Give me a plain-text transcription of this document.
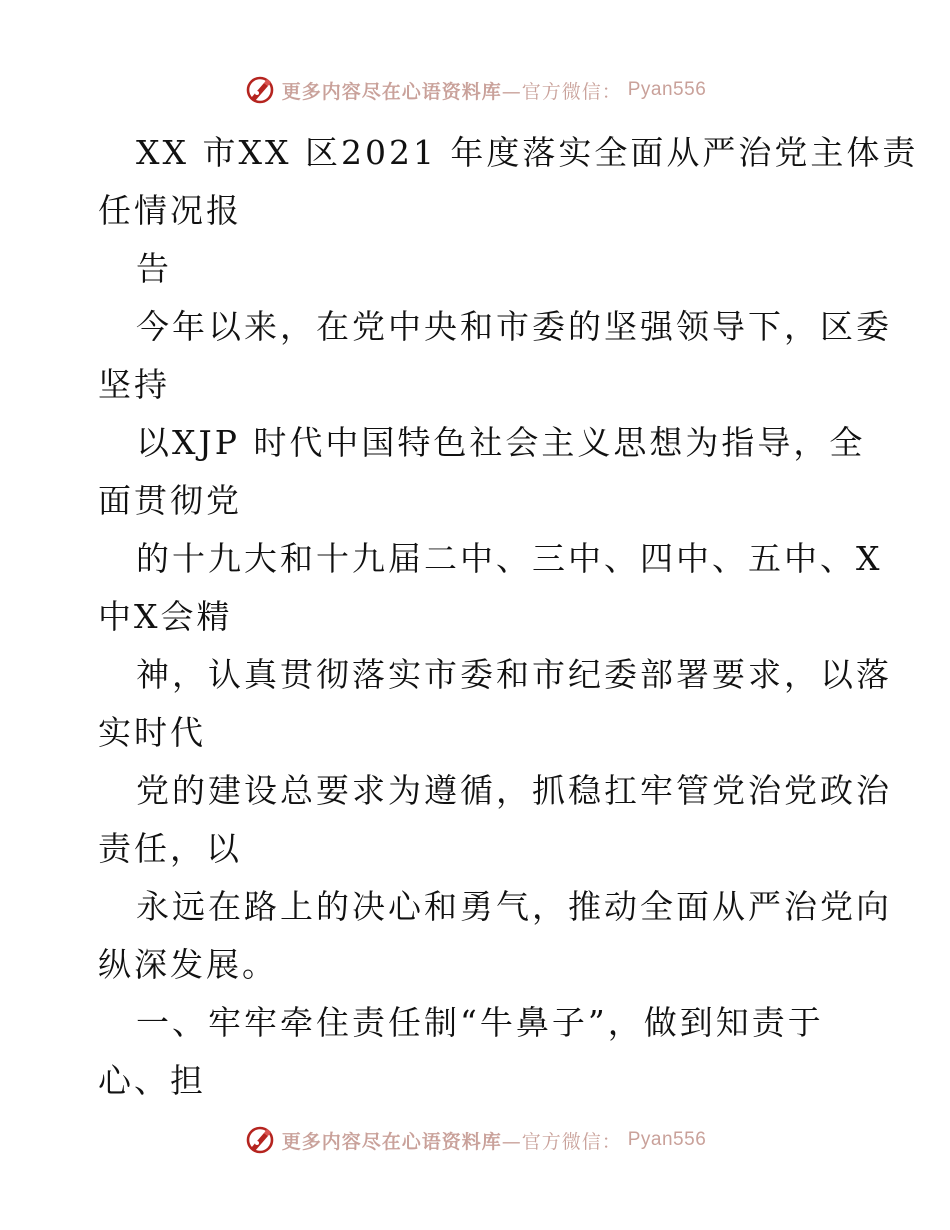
更多内容尽在心语资料库—官方微信： Pyan556
XX 市XX 区2021 年度落实全面从严治党主体责
任情况报
告
今年以来，在党中央和市委的坚强领导下，区委
坚持
以XJP 时代中国特色社会主义思想为指导，全
面贯彻党
的十九大和十九届二中、三中、四中、五中、X
中X会精
神，认真贯彻落实市委和市纪委部署要求，以落
实时代
党的建设总要求为遵循，抓稳扛牢管党治党政治
责任，以
永远在路上的决心和勇气，推动全面从严治党向
纵深发展。
一、牢牢牵住责任制“牛鼻子”，做到知责于
心、担
更多内容尽在心语资料库—官方微信： Pyan556
